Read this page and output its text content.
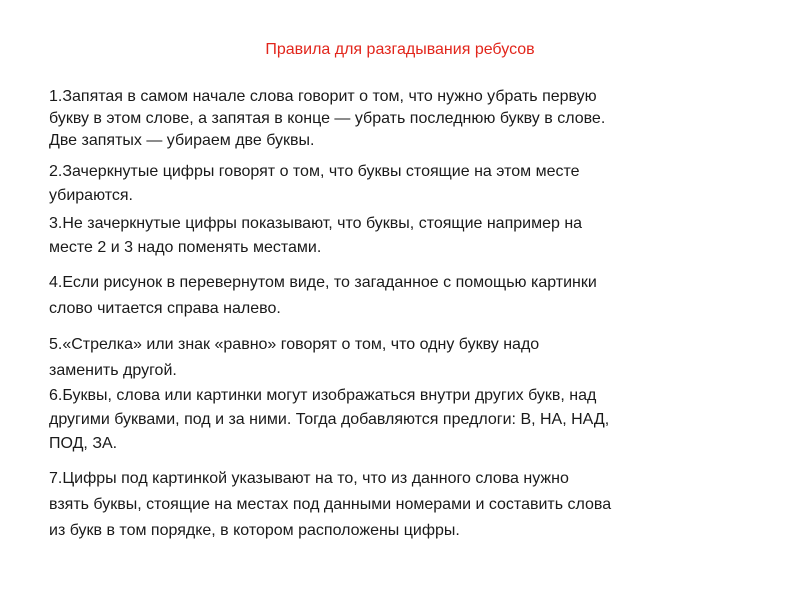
Правила для разгадывания ребусов

1.Запятая в самом начале слова говорит о том, что нужно убрать первую
букву в этом слове, а запятая в конце — убрать последнюю букву в слове.
Две запятых — убираем две буквы.

2.Зачеркнутые цифры говорят о том, что буквы стоящие на этом месте
убираются.

3.Не зачеркнутые цифры показывают, что буквы, стоящие например на
месте 2 и 3 надо поменять местами.

4.Если рисунок в перевернутом виде, то загаданное с помощью картинки
слово читается справа налево.

5.«Стрелка» или знак «равно» говорят о том, что одну букву надо
заменить другой.

6.Буквы, слова или картинки могут изображаться внутри других букв, над
другими буквами, под и за ними. Тогда добавляются предлоги: В, НА, НАД,
ПОД, ЗА.

7.Цифры под картинкой указывают на то, что из данного слова нужно
взять буквы, стоящие на местах под данными номерами и составить слова
из букв в том порядке, в котором расположены цифры.
